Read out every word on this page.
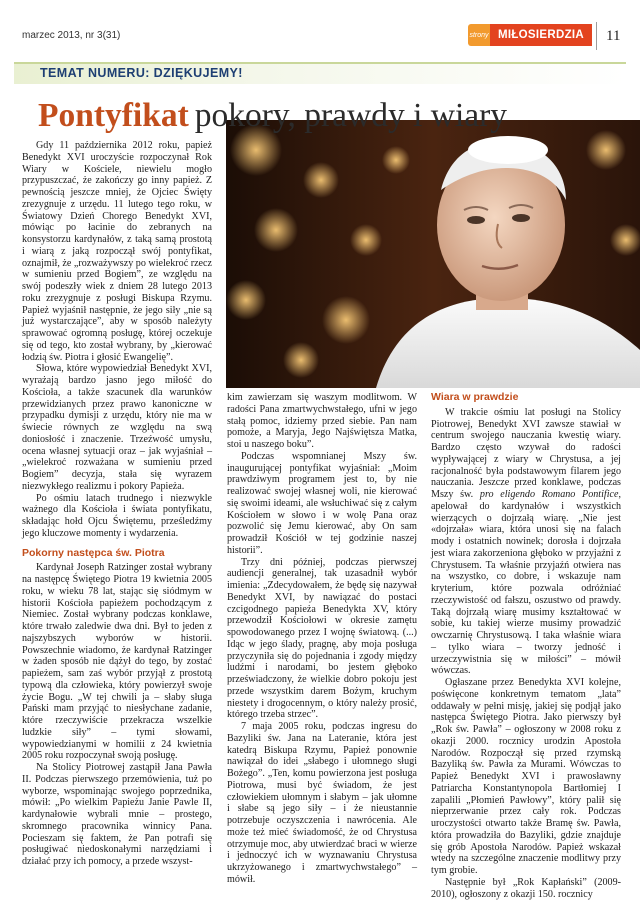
marzec 2013, nr 3(31)	strony MIŁOSIERDZIA	11
TEMAT NUMERU: DZIĘKUJEMY!
Pontyfikat pokory, prawdy i wiary

Gdy 11 października 2012 roku, papież Benedykt XVI uroczyście rozpoczynał Rok Wiary w Kościele, niewielu mogło przypuszczać, że zakończy go inny papież. Z pewnością jeszcze mniej, że Ojciec Święty zrezygnuje z urzędu. 11 lutego tego roku, w Światowy Dzień Chorego Benedykt XVI, mówiąc po łacinie do zebranych na konsystorzu kardynałów, z taką samą prostotą i wiarą z jaką rozpoczął swój pontyfikat, oznajmił, że „rozważywszy po wielekroć rzecz w sumieniu przed Bogiem”, ze względu na swój podeszły wiek z dniem 28 lutego 2013 roku zrezygnuje z posługi Biskupa Rzymu. Papież wyjaśnił następnie, że jego siły „nie są już wystarczające”, aby w sposób należyty sprawować ogromną posługę, której oczekuje się od tego, kto został wybrany, by „kierować łodzią św. Piotra i głosić Ewangelię”.

Słowa, które wypowiedział Benedykt XVI, wyrażają bardzo jasno jego miłość do Kościoła, a także szacunek dla warunków przewidzianych przez prawo kanoniczne w przypadku dymisji z urzędu, który nie ma w świecie równych ze względu na swą doniosłość i znaczenie. Trzeźwość umysłu, ocena własnej sytuacji oraz – jak wyjaśniał – „wielekroć rozważana w sumieniu przed Bogiem” decyzja, stała się wyrazem niezwykłego realizmu i pokory Papieża.

Po ośmiu latach trudnego i niezwykle ważnego dla Kościoła i świata pontyfikatu, składając hołd Ojcu Świętemu, prześledźmy jego kluczowe momenty i wydarzenia.

Pokorny następca św. Piotra

Kardynał Joseph Ratzinger został wybrany na następcę Świętego Piotra 19 kwietnia 2005 roku, w wieku 78 lat, stając się siódmym w historii Kościoła papieżem pochodzącym z Niemiec. Został wybrany podczas konklawe, które trwało zaledwie dwa dni. Był to jeden z najszybszych wyborów w historii. Powszechnie wiadomo, że kardynał Ratzinger w żaden sposób nie dążył do tego, by zostać papieżem, sam zaś wybór przyjął z prostotą typową dla człowieka, który powierzył swoje życie Bogu. „W tej chwili ja – słaby sługa Pański mam przyjąć to niesłychane zadanie, które rzeczywiście przekracza wszelkie ludzkie siły” – tymi słowami, wypowiedzianymi w homilii z 24 kwietnia 2005 roku rozpoczynał swoją posługę.

Na Stolicy Piotrowej zastąpił Jana Pawła II. Podczas pierwszego przemówienia, tuż po wyborze, wspominając swojego poprzednika, mówił: „Po wielkim Papieżu Janie Pawle II, kardynałowie wybrali mnie – prostego, skromnego pracownika winnicy Pana. Pocieszam się faktem, że Pan potrafi się posługiwać niedoskonałymi narzędziami i działać przy ich pomocy, a przede wszyst-

kim zawierzam się waszym modlitwom. W radości Pana zmartwychwstałego, ufni w jego stałą pomoc, idziemy przed siebie. Pan nam pomoże, a Maryja, Jego Najświętsza Matka, stoi u naszego boku”.

Podczas wspomnianej Mszy św. inaugurującej pontyfikat wyjaśniał: „Moim prawdziwym programem jest to, by nie realizować swojej własnej woli, nie kierować się swoimi ideami, ale wsłuchiwać się z całym Kościołem w słowo i w wolę Pana oraz pozwolić się Jemu kierować, aby On sam prowadził Kościół w tej godzinie naszej historii”.

Trzy dni później, podczas pierwszej audiencji generalnej, tak uzasadnił wybór imienia: „Zdecydowałem, że będę się nazywał Benedykt XVI, by nawiązać do postaci czcigodnego papieża Benedykta XV, który przewodził Kościołowi w okresie zamętu spowodowanego przez I wojnę światową. (...) Idąc w jego ślady, pragnę, aby moja posługa przyczyniła się do pojednania i zgody między ludźmi i narodami, bo jestem głęboko przeświadczony, że wielkie dobro pokoju jest przede wszystkim darem Bożym, kruchym niestety i drogocennym, o który należy prosić, którego trzeba strzec”.

7 maja 2005 roku, podczas ingresu do Bazyliki św. Jana na Lateranie, która jest katedrą Biskupa Rzymu, Papież ponownie nawiązał do idei „słabego i ułomnego sługi Bożego”. „Ten, komu powierzona jest posługa Piotrowa, musi być świadom, że jest człowiekiem ułomnym i słabym – jak ułomne i słabe są jego siły – i że nieustannie potrzebuje oczyszczenia i nawrócenia. Ale może też mieć świadomość, że od Chrystusa otrzymuje moc, aby utwierdzać braci w wierze i jednoczyć ich w wyznawaniu Chrystusa ukrzyżowanego i zmartwychwstałego” – mówił.

Wiara w prawdzie

W trakcie ośmiu lat posługi na Stolicy Piotrowej, Benedykt XVI zawsze stawiał w centrum swojego nauczania kwestię wiary. Bardzo często wzywał do radości wypływającej z wiary w Chrystusa, a jej racjonalność była podstawowym filarem jego nauczania. Jeszcze przed konklawe, podczas Mszy św. pro eligendo Romano Pontifice, apelował do kardynałów i wszystkich wierzących o dojrzałą wiarę. „Nie jest «dojrzała» wiara, która unosi się na falach mody i ostatnich nowinek; dorosła i dojrzała jest wiara zakorzeniona głęboko w przyjaźni z Chrystusem. Ta właśnie przyjaźń otwiera nas na wszystko, co dobre, i wskazuje nam kryterium, które pozwala odróżniać rzeczywistość od fałszu, oszustwo od prawdy. Taką dojrzałą wiarę musimy kształtować w sobie, ku takiej wierze musimy prowadzić owczarnię Chrystusową. I taka właśnie wiara – tylko wiara – tworzy jedność i urzeczywistnia się w miłości” – mówił wówczas.

Ogłaszane przez Benedykta XVI kolejne, poświęcone konkretnym tematom „lata” oddawały w pełni misję, jakiej się podjął jako następca Świętego Piotra. Jako pierwszy był „Rok św. Pawła” – ogłoszony w 2008 roku z okazji 2000. rocznicy urodzin Apostoła Narodów. Rozpoczął się przed rzymską Bazyliką św. Pawła za Murami. Wówczas to Papież Benedykt XVI i prawosławny Patriarcha Konstantynopola Bartłomiej I zapalili „Płomień Pawłowy”, który palił się nieprzerwanie przez cały rok. Podczas uroczystości otwarto także Bramę św. Pawła, która prowadziła do Bazyliki, gdzie znajduje się grób Apostoła Narodów. Papież wskazał wtedy na szczególne znaczenie modlitwy przy tym grobie.

Następnie był „Rok Kapłański” (2009-2010), ogłoszony z okazji 150. rocznicy
